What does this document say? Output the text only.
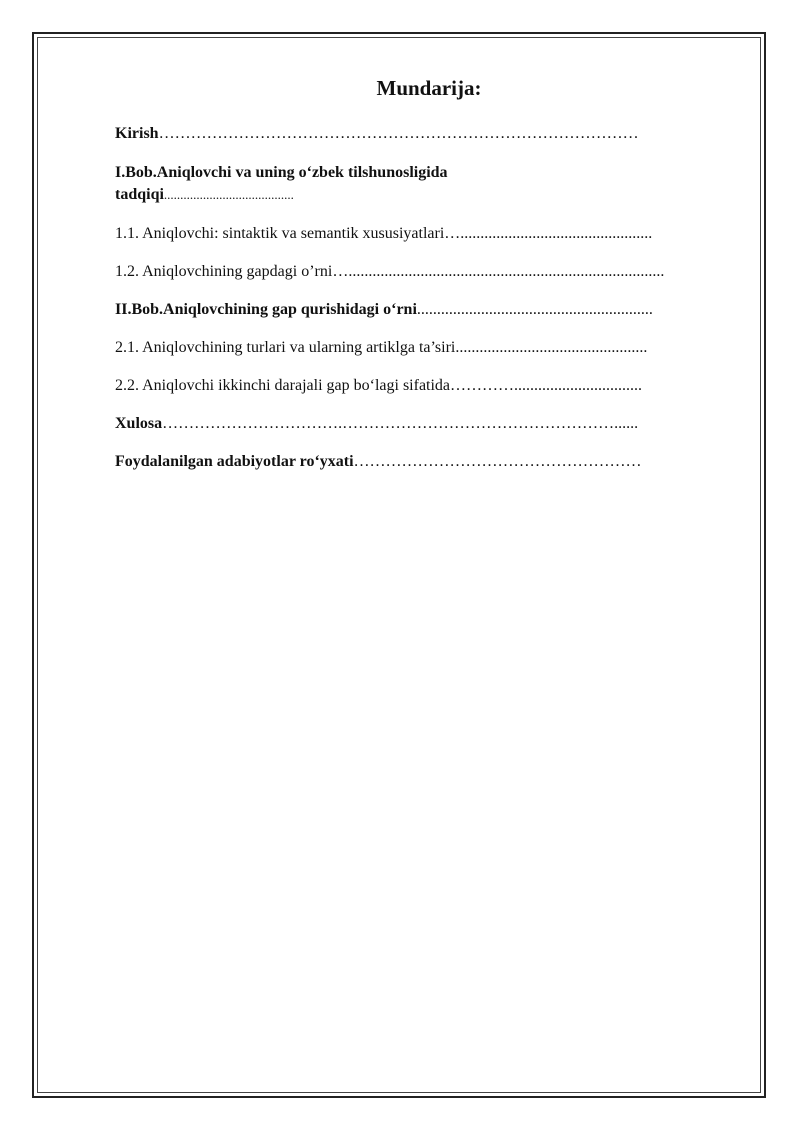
Mundarija:
Kirish………………………………………………………………………………
I.Bob.Aniqlovchi va uning o‘zbek tilshunosligida
tadqiqi........................................
1.1. Aniqlovchi: sintaktik va semantik xususiyatlari…................................................
1.2. Aniqlovchining gapdagi o’rni…...............................................................................
II.Bob.Aniqlovchining gap qurishidagi o‘rni...........................................................
2.1. Aniqlovchining turlari va ularning artiklga ta’siri................................................
2.2. Aniqlovchi ikkinchi darajali gap bo‘lagi sifatida…………................................
Xulosa…………………………….……………………………………………......
Foydalanilgan adabiyotlar ro‘yxati………………………………………………
